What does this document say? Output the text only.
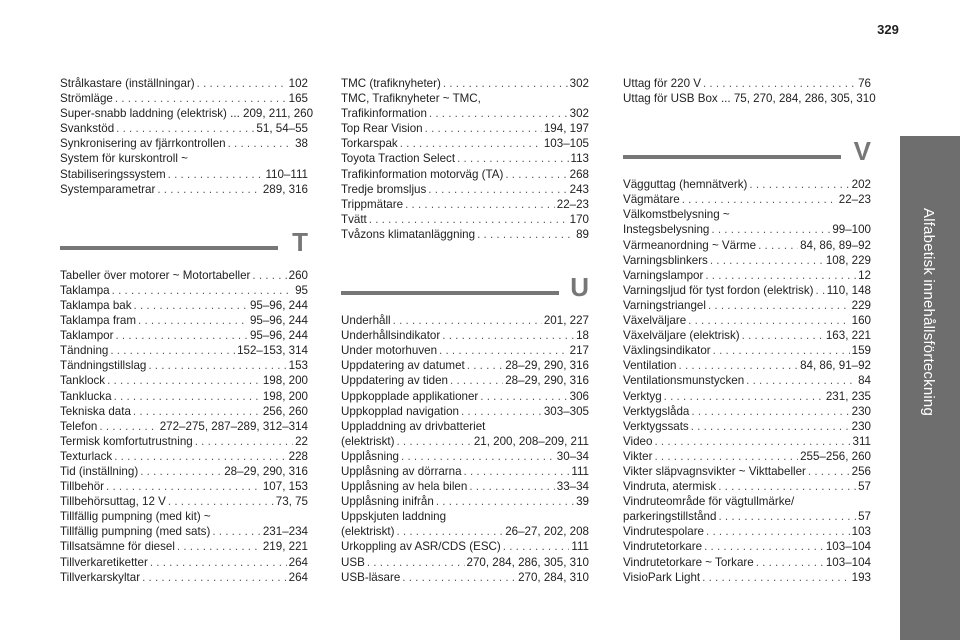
329
Strålkastare (inställningar) . . .	102
Strömläge . . .	165
Super-snabb laddning (elektrisk) ... 209, 211, 260
Svankstöd . . .	51, 54–55
Synkronisering av fjärrkontrollen . . .	38
System för kurskontroll ~
Stabiliseringssystem . . .	110–111
Systemparametrar . . .	289, 316
T
Tabeller över motorer ~ Motortabeller . . .	260
Taklampa . . .	95
Taklampa bak . . .	95–96, 244
Taklampa fram . . .	95–96, 244
Taklampor . . .	95–96, 244
Tändning . . .	152–153, 314
Tändningstillslag . . .	153
Tanklock . . .	198, 200
Tanklucka . . .	198, 200
Tekniska data . . .	256, 260
Telefon . . .	272–275, 287–289, 312–314
Termisk komfortutrustning . . .	22
Texturlack . . .	228
Tid (inställning) . . .	28–29, 290, 316
Tillbehör . . .	107, 153
Tillbehörsuttag, 12 V . . .	73, 75
Tillfällig pumpning (med kit) ~
Tillfällig pumpning (med sats) . . .	231–234
Tillsatsämne för diesel . . .	219, 221
Tillverkaretiketter . . .	264
Tillverkarskyltar . . .	264
TMC (trafiknyheter) . . .	302
TMC, Trafiknyheter ~ TMC,
Trafikinformation . . .	302
Top Rear Vision . . .	194, 197
Torkarspak . . .	103–105
Toyota Traction Select . . .	113
Trafikinformation motorväg (TA) . . .	268
Tredje bromsljus . . .	243
Trippmätare . . .	22–23
Tvätt . . .	170
Tvåzons klimatanläggning . . .	89
U
Underhåll . . .	201, 227
Underhållsindikator . . .	18
Under motorhuven . . .	217
Uppdatering av datumet . . .	28–29, 290, 316
Uppdatering av tiden . . .	28–29, 290, 316
Uppkopplade applikationer . . .	306
Uppkopplad navigation . . .	303–305
Uppladdning av drivbatteriet
(elektriskt) . . .	21, 200, 208–209, 211
Upplåsning . . .	30–34
Upplåsning av dörrarna . . .	111
Upplåsning av hela bilen . . .	33–34
Upplåsning inifrån . . .	39
Uppskjuten laddning
(elektriskt) . . .	26–27, 202, 208
Urkoppling av ASR/CDS (ESC) . . .	111
USB . . .	270, 284, 286, 305, 310
USB-läsare . . .	270, 284, 310
Uttag för 220 V . . .	76
Uttag för USB Box ... 75, 270, 284, 286, 305, 310
V
Vägguttag (hemnätverk) . . .	202
Vägmätare . . .	22–23
Välkomstbelysning ~
Instegsbelysning . . .	99–100
Värmeanordning ~ Värme . . .	84, 86, 89–92
Varningsblinkers . . .	108, 229
Varningslampor . . .	12
Varningsljud för tyst fordon (elektrisk) . . . 110, 148
Varningstriangel . . .	229
Växelväljare . . .	160
Växelväljare (elektrisk) . . .	163, 221
Växlingsindikator . . .	159
Ventilation . . .	84, 86, 91–92
Ventilationsmunstycken . . .	84
Verktyg . . .	231, 235
Verktygslåda . . .	230
Verktygssats . . .	230
Video . . .	311
Vikter . . .	255–256, 260
Vikter släpvagnsvikter ~ Vikttabeller . . .	256
Vindruta, atermisk . . .	57
Vindruteområde för vägtullmärke/
parkeringstillstånd . . .	57
Vindrutespolare . . .	103
Vindrutetorkare . . .	103–104
Vindrutetorkare ~ Torkare . . .	103–104
VisioPark Light . . .	193
Alfabetisk innehållsförteckning
